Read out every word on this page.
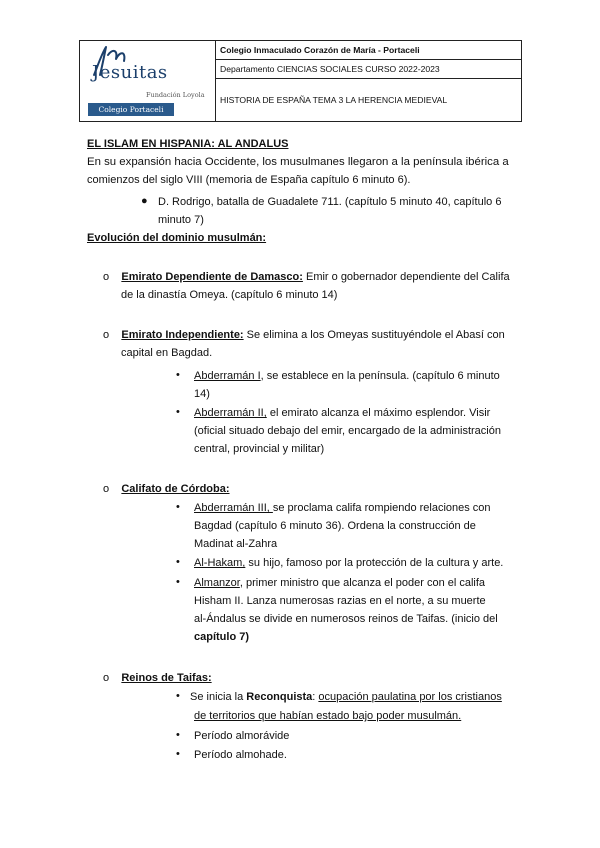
Jesuitas
Fundación Loyola
Colegio Portaceli
Colegio Inmaculado Corazón de María - Portaceli
Departamento CIENCIAS SOCIALES CURSO 2022-2023
HISTORIA DE ESPAÑA TEMA 3 LA HERENCIA MEDIEVAL
EL ISLAM EN HISPANIA: AL ANDALUS
En su expansión hacia Occidente, los musulmanes llegaron a la península ibérica a
comienzos del siglo VIII (memoria de España capítulo 6 minuto 6).
● D. Rodrigo, batalla de Guadalete 711. (capítulo 5 minuto 40, capítulo 6
minuto 7)
Evolución del dominio musulmán:
o Emirato Dependiente de Damasco: Emir o gobernador dependiente del Califa
de la dinastía Omeya. (capítulo 6 minuto 14)
o Emirato Independiente: Se elimina a los Omeyas sustituyéndole el Abasí con
capital en Bagdad.
• Abderramán I, se establece en la península. (capítulo 6 minuto
14)
• Abderramán II, el emirato alcanza el máximo esplendor. Visir
(oficial situado debajo del emir, encargado de la administración
central, provincial y militar)
o Califato de Córdoba:
• Abderramán III, se proclama califa rompiendo relaciones con
Bagdad (capítulo 6 minuto 36). Ordena la construcción de
Madinat al-Zahra
• Al-Hakam, su hijo, famoso por la protección de la cultura y arte.
• Almanzor, primer ministro que alcanza el poder con el califa
Hisham II. Lanza numerosas razias en el norte, a su muerte
al-Ándalus se divide en numerosos reinos de Taifas. (inicio del
capítulo 7)
o Reinos de Taifas:
• Se inicia la Reconquista: ocupación paulatina por los cristianos
de territorios que habían estado bajo poder musulmán.
• Período almorávide
• Período almohade.
